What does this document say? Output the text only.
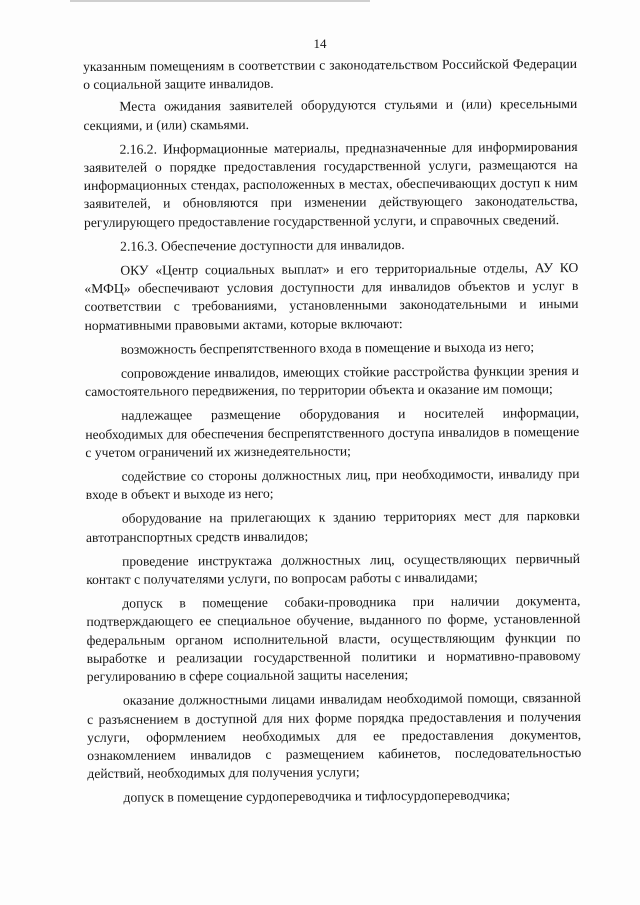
14

указанным помещениям в соответствии с законодательством Российской Федерации о социальной защите инвалидов.

Места ожидания заявителей оборудуются стульями и (или) кресельными секциями, и (или) скамьями.

2.16.2. Информационные материалы, предназначенные для информирования заявителей о порядке предоставления государственной услуги, размещаются на информационных стендах, расположенных в местах, обеспечивающих доступ к ним заявителей, и обновляются при изменении действующего законодательства, регулирующего предоставление государственной услуги, и справочных сведений.

2.16.3. Обеспечение доступности для инвалидов.

ОКУ «Центр социальных выплат» и его территориальные отделы, АУ КО «МФЦ» обеспечивают условия доступности для инвалидов объектов и услуг в соответствии с требованиями, установленными законодательными и иными нормативными правовыми актами, которые включают:

возможность беспрепятственного входа в помещение и выхода из него;

сопровождение инвалидов, имеющих стойкие расстройства функции зрения и самостоятельного передвижения, по территории объекта и оказание им помощи;

надлежащее размещение оборудования и носителей информации, необходимых для обеспечения беспрепятственного доступа инвалидов в помещение с учетом ограничений их жизнедеятельности;

содействие со стороны должностных лиц, при необходимости, инвалиду при входе в объект и выходе из него;

оборудование на прилегающих к зданию территориях мест для парковки автотранспортных средств инвалидов;

проведение инструктажа должностных лиц, осуществляющих первичный контакт с получателями услуги, по вопросам работы с инвалидами;

допуск в помещение собаки-проводника при наличии документа, подтверждающего ее специальное обучение, выданного по форме, установленной федеральным органом исполнительной власти, осуществляющим функции по выработке и реализации государственной политики и нормативно-правовому регулированию в сфере социальной защиты населения;

оказание должностными лицами инвалидам необходимой помощи, связанной с разъяснением в доступной для них форме порядка предоставления и получения услуги, оформлением необходимых для ее предоставления документов, ознакомлением инвалидов с размещением кабинетов, последовательностью действий, необходимых для получения услуги;

допуск в помещение сурдопереводчика и тифлосурдопереводчика;
